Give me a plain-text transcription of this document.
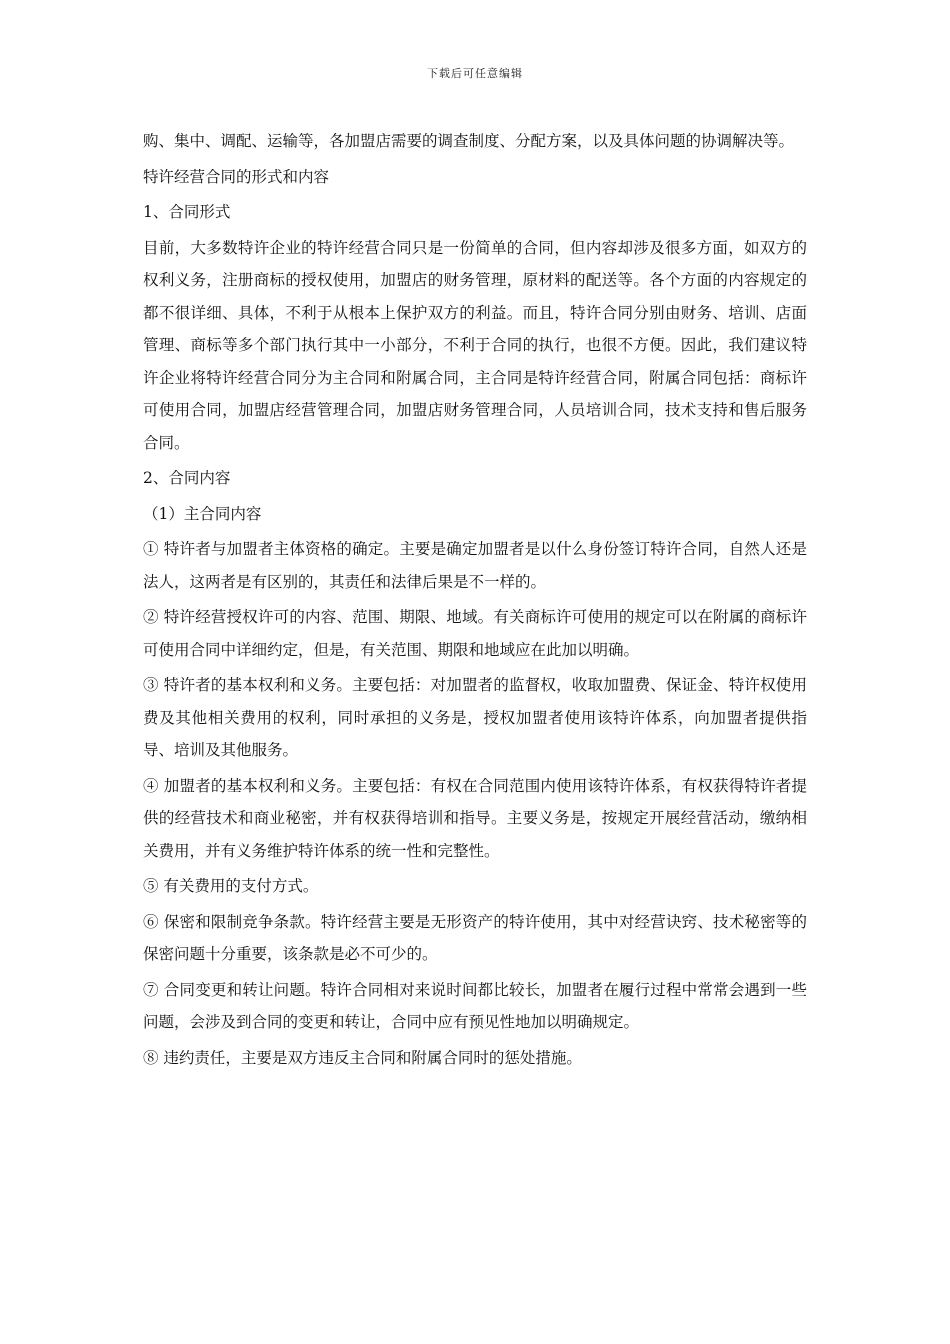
下载后可任意编辑

购、集中、调配、运输等，各加盟店需要的调查制度、分配方案，以及具体问题的协调解决等。

特许经营合同的形式和内容

1、合同形式

目前，大多数特许企业的特许经营合同只是一份简单的合同，但内容却涉及很多方面，如双方的权利义务，注册商标的授权使用，加盟店的财务管理，原材料的配送等。各个方面的内容规定的都不很详细、具体，不利于从根本上保护双方的利益。而且，特许合同分别由财务、培训、店面管理、商标等多个部门执行其中一小部分，不利于合同的执行，也很不方便。因此，我们建议特许企业将特许经营合同分为主合同和附属合同，主合同是特许经营合同，附属合同包括：商标许可使用合同，加盟店经营管理合同，加盟店财务管理合同，人员培训合同，技术支持和售后服务合同。

2、合同内容

（1）主合同内容

① 特许者与加盟者主体资格的确定。主要是确定加盟者是以什么身份签订特许合同，自然人还是法人，这两者是有区别的，其责任和法律后果是不一样的。

② 特许经营授权许可的内容、范围、期限、地域。有关商标许可使用的规定可以在附属的商标许可使用合同中详细约定，但是，有关范围、期限和地域应在此加以明确。

③ 特许者的基本权利和义务。主要包括：对加盟者的监督权，收取加盟费、保证金、特许权使用费及其他相关费用的权利，同时承担的义务是，授权加盟者使用该特许体系，向加盟者提供指导、培训及其他服务。

④ 加盟者的基本权利和义务。主要包括：有权在合同范围内使用该特许体系，有权获得特许者提供的经营技术和商业秘密，并有权获得培训和指导。主要义务是，按规定开展经营活动，缴纳相关费用，并有义务维护特许体系的统一性和完整性。

⑤ 有关费用的支付方式。

⑥ 保密和限制竞争条款。特许经营主要是无形资产的特许使用，其中对经营诀窍、技术秘密等的保密问题十分重要，该条款是必不可少的。

⑦ 合同变更和转让问题。特许合同相对来说时间都比较长，加盟者在履行过程中常常会遇到一些问题，会涉及到合同的变更和转让，合同中应有预见性地加以明确规定。

⑧ 违约责任，主要是双方违反主合同和附属合同时的惩处措施。
